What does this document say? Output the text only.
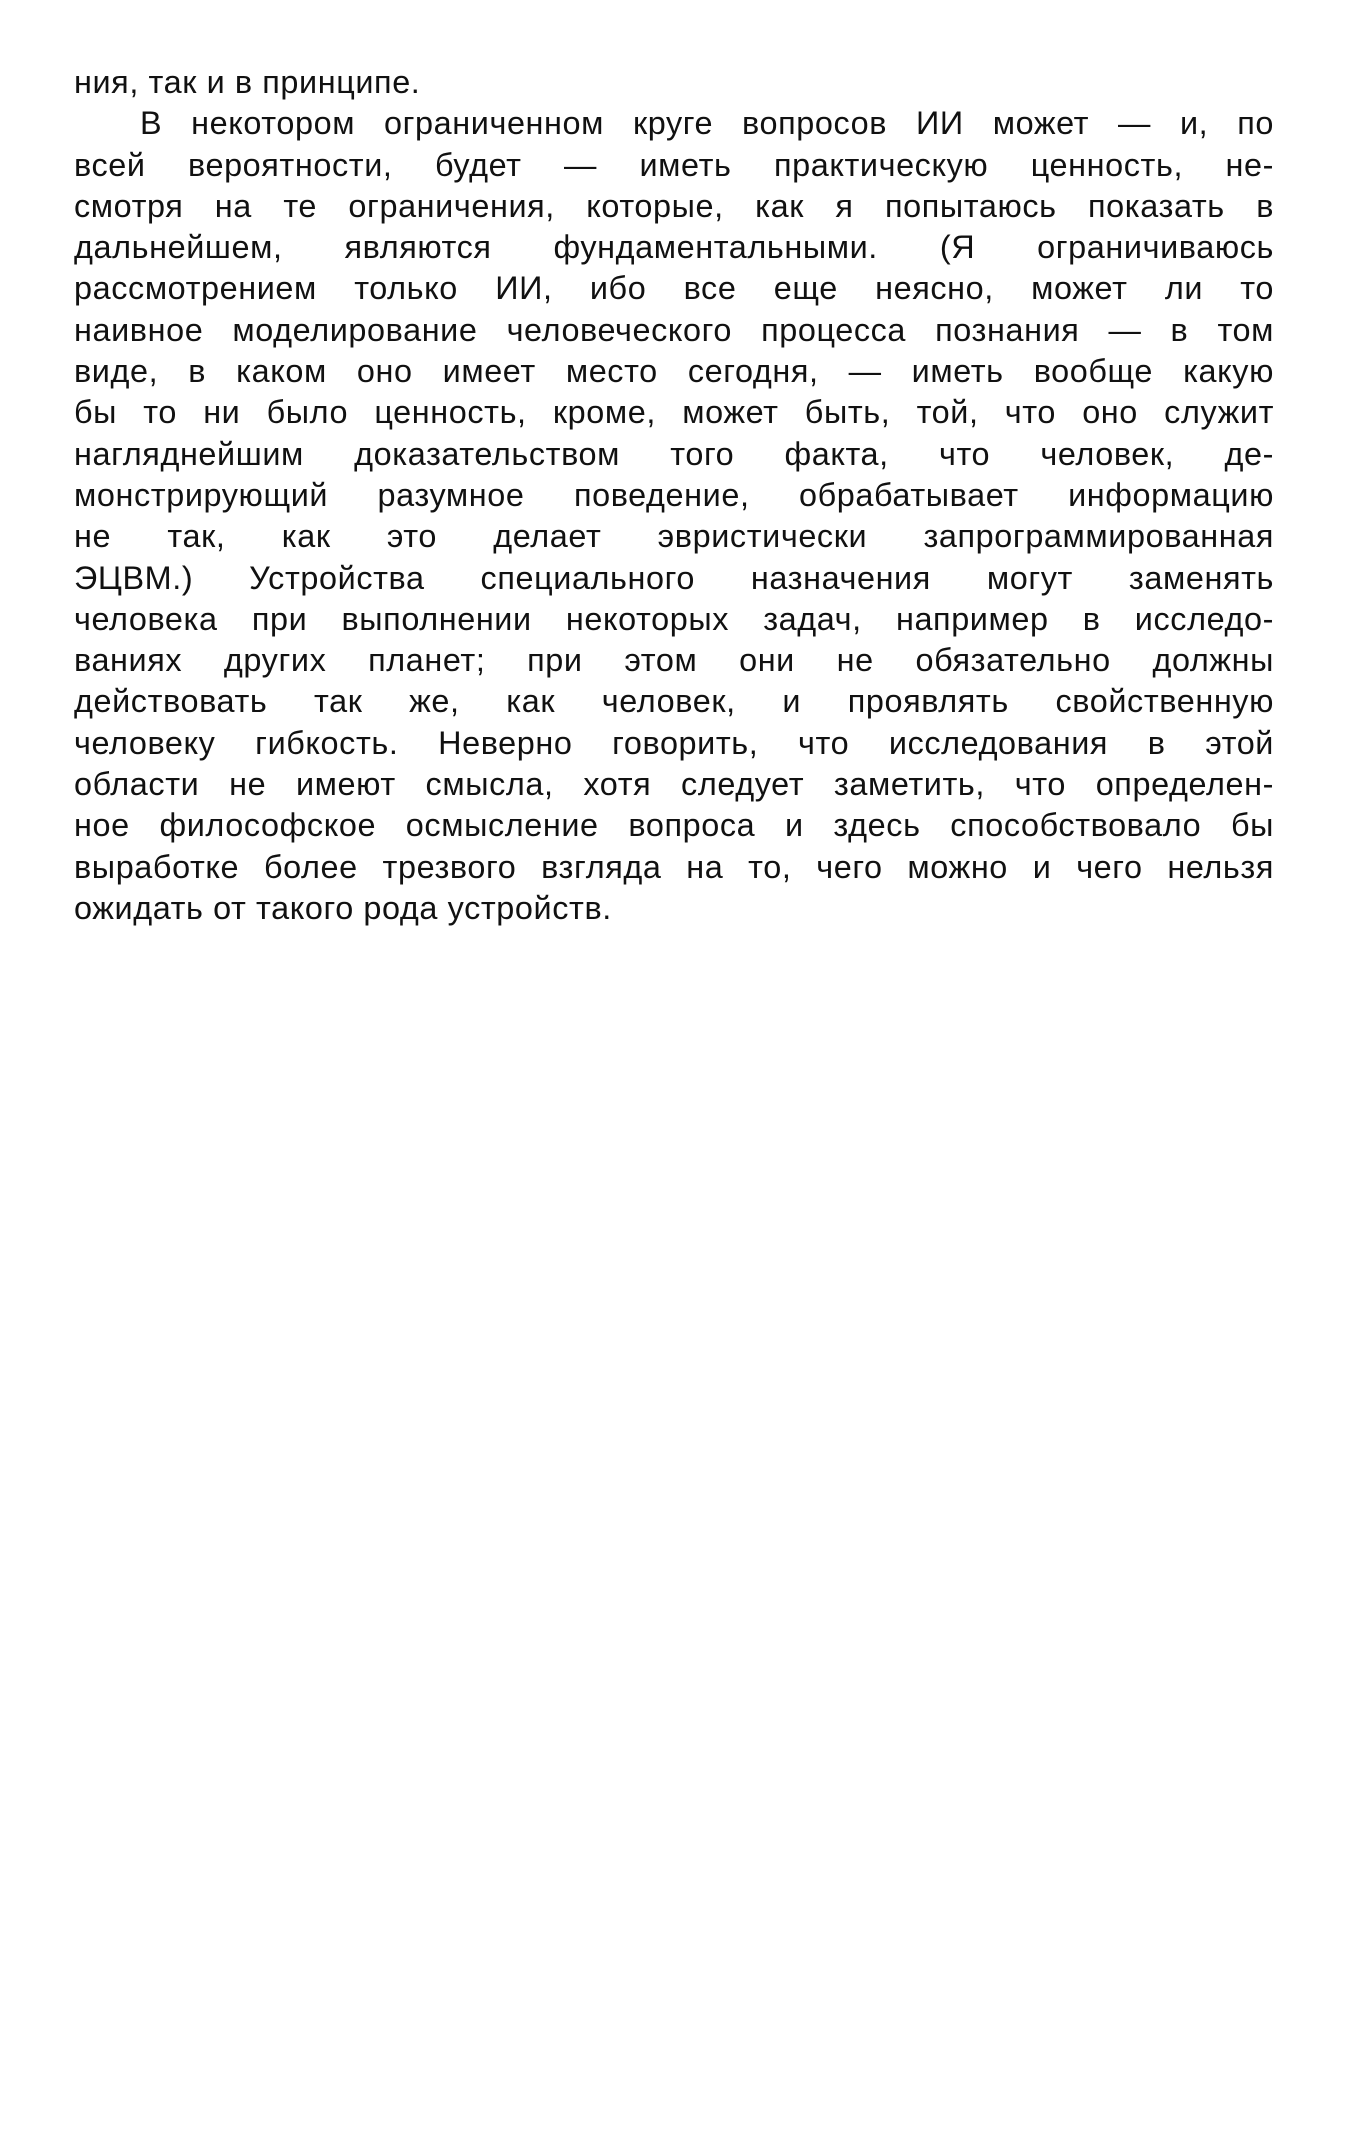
ния, так и в принципе.
В некотором ограниченном круге вопросов ИИ может — и, по
всей вероятности, будет — иметь практическую ценность, не-
смотря на те ограничения, которые, как я попытаюсь показать в
дальнейшем, являются фундаментальными. (Я ограничиваюсь
рассмотрением только ИИ, ибо все еще неясно, может ли то
наивное моделирование человеческого процесса познания — в том
виде, в каком оно имеет место сегодня, — иметь вообще какую
бы то ни было ценность, кроме, может быть, той, что оно служит
нагляднейшим доказательством того факта, что человек, де-
монстрирующий разумное поведение, обрабатывает информацию
не так, как это делает эвристически запрограммированная
ЭЦВМ.) Устройства специального назначения могут заменять
человека при выполнении некоторых задач, например в исследо-
ваниях других планет; при этом они не обязательно должны
действовать так же, как человек, и проявлять свойственную
человеку гибкость. Неверно говорить, что исследования в этой
области не имеют смысла, хотя следует заметить, что определен-
ное философское осмысление вопроса и здесь способствовало бы
выработке более трезвого взгляда на то, чего можно и чего нельзя
ожидать от такого рода устройств.
